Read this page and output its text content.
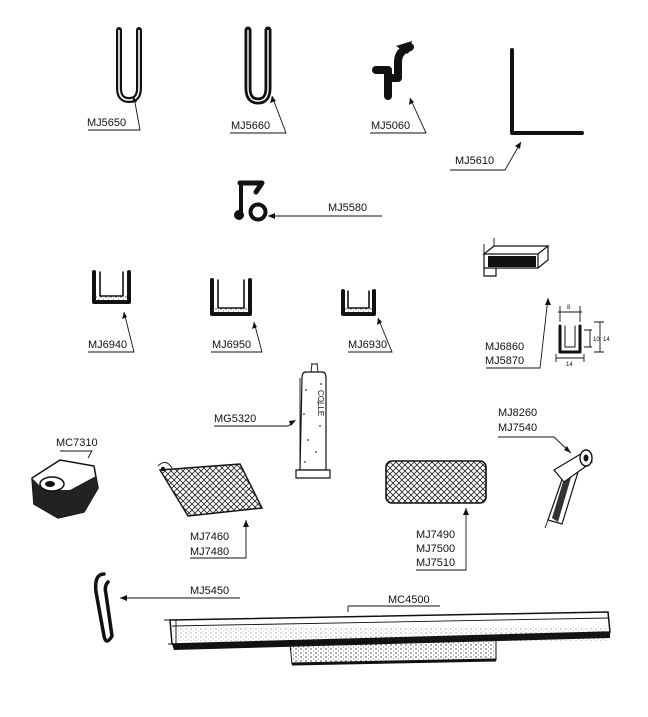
MJ5650	MJ5660	MJ5060
MJ5610
MJ5580
MJ6940	MJ6950	MJ6930
8
14
10 14
MJ6860
MJ5870
MC7310
COLLE
MG5320	MJ8260
MJ7540
MJ7460
MJ7480
MJ7490
MJ7500
MJ7510
MJ5450
MC4500
